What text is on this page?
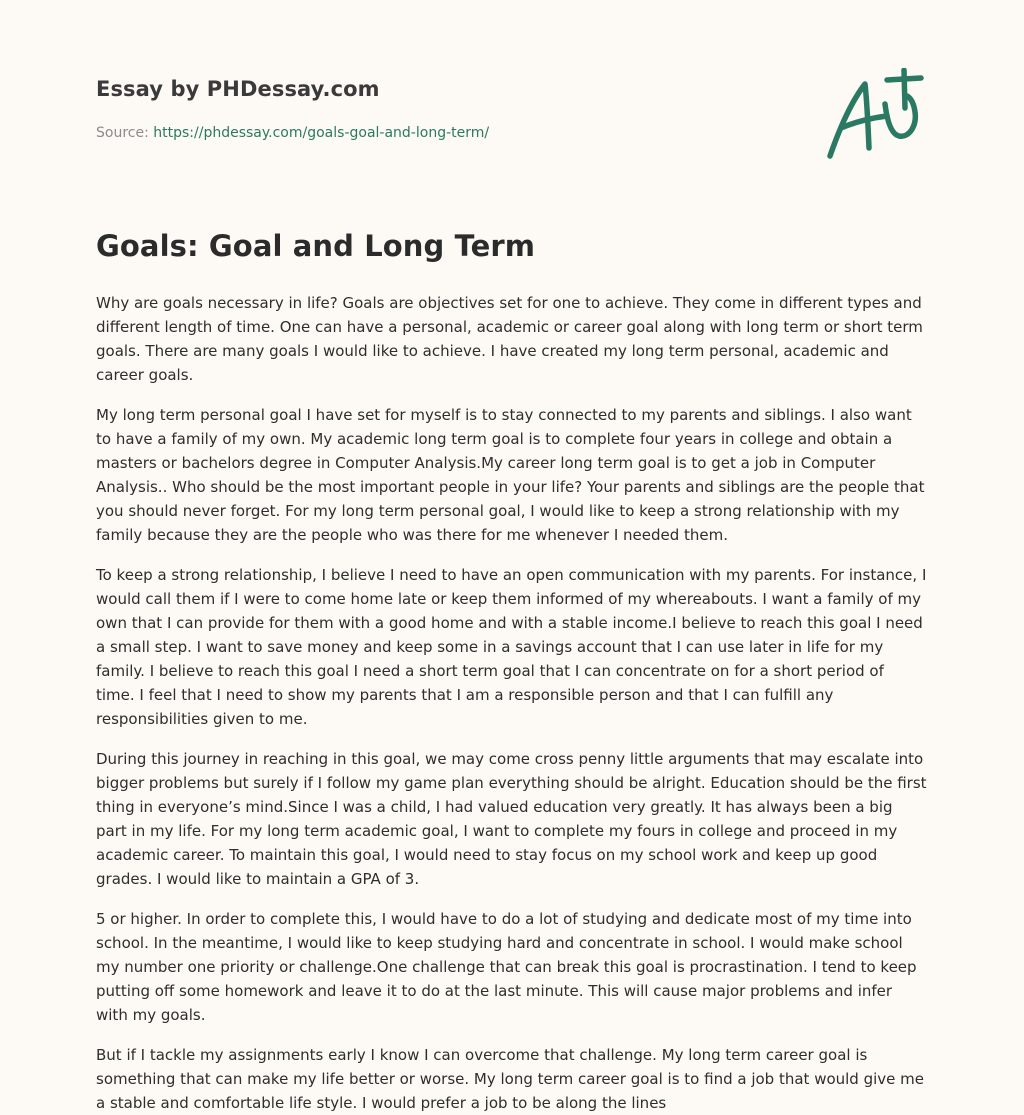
Essay by PHDessay.com

Source: https://phdessay.com/goals-goal-and-long-term/

Goals: Goal and Long Term

Why are goals necessary in life? Goals are objectives set for one to achieve. They come in different types and different length of time. One can have a personal, academic or career goal along with long term or short term goals. There are many goals I would like to achieve. I have created my long term personal, academic and career goals.

My long term personal goal I have set for myself is to stay connected to my parents and siblings. I also want to have a family of my own. My academic long term goal is to complete four years in college and obtain a masters or bachelors degree in Computer Analysis.My career long term goal is to get a job in Computer Analysis.. Who should be the most important people in your life? Your parents and siblings are the people that you should never forget. For my long term personal goal, I would like to keep a strong relationship with my family because they are the people who was there for me whenever I needed them.

To keep a strong relationship, I believe I need to have an open communication with my parents. For instance, I would call them if I were to come home late or keep them informed of my whereabouts. I want a family of my own that I can provide for them with a good home and with a stable income.I believe to reach this goal I need a small step. I want to save money and keep some in a savings account that I can use later in life for my family. I believe to reach this goal I need a short term goal that I can concentrate on for a short period of time. I feel that I need to show my parents that I am a responsible person and that I can fulfill any responsibilities given to me.

During this journey in reaching in this goal, we may come cross penny little arguments that may escalate into bigger problems but surely if I follow my game plan everything should be alright. Education should be the first thing in everyone’s mind.Since I was a child, I had valued education very greatly. It has always been a big part in my life. For my long term academic goal, I want to complete my fours in college and proceed in my academic career. To maintain this goal, I would need to stay focus on my school work and keep up good grades. I would like to maintain a GPA of 3.

5 or higher. In order to complete this, I would have to do a lot of studying and dedicate most of my time into school. In the meantime, I would like to keep studying hard and concentrate in school. I would make school my number one priority or challenge.One challenge that can break this goal is procrastination. I tend to keep putting off some homework and leave it to do at the last minute. This will cause major problems and infer with my goals.

But if I tackle my assignments early I know I can overcome that challenge. My long term career goal is something that can make my life better or worse. My long term career goal is to find a job that would give me a stable and comfortable life style. I would prefer a job to be along the lines
